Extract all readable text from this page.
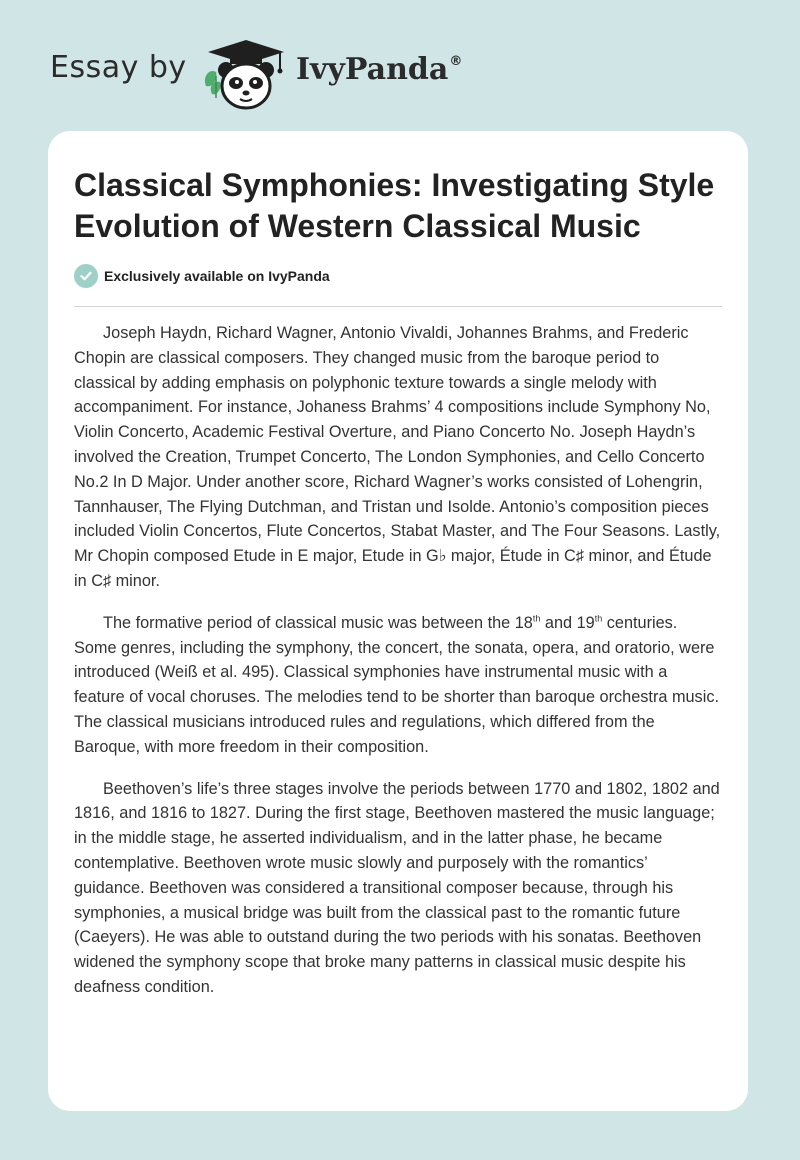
Essay by	IvyPanda®
Classical Symphonies: Investigating Style Evolution of Western Classical Music
Exclusively available on IvyPanda

Joseph Haydn, Richard Wagner, Antonio Vivaldi, Johannes Brahms, and Frederic Chopin are classical composers. They changed music from the baroque period to classical by adding emphasis on polyphonic texture towards a single melody with accompaniment. For instance, Johaness Brahms’ 4 compositions include Symphony No, Violin Concerto, Academic Festival Overture, and Piano Concerto No. Joseph Haydn’s involved the Creation, Trumpet Concerto, The London Symphonies, and Cello Concerto No.2 In D Major. Under another score, Richard Wagner’s works consisted of Lohengrin, Tannhauser, The Flying Dutchman, and Tristan und Isolde. Antonio’s composition pieces included Violin Concertos, Flute Concertos, Stabat Master, and The Four Seasons. Lastly, Mr Chopin composed Etude in E major, Etude in G♭ major, Étude in C♯ minor, and Étude in C♯ minor.

The formative period of classical music was between the 18th and 19th centuries. Some genres, including the symphony, the concert, the sonata, opera, and oratorio, were introduced (Weiß et al. 495). Classical symphonies have instrumental music with a feature of vocal choruses. The melodies tend to be shorter than baroque orchestra music. The classical musicians introduced rules and regulations, which differed from the Baroque, with more freedom in their composition.

Beethoven’s life’s three stages involve the periods between 1770 and 1802, 1802 and 1816, and 1816 to 1827. During the first stage, Beethoven mastered the music language; in the middle stage, he asserted individualism, and in the latter phase, he became contemplative. Beethoven wrote music slowly and purposely with the romantics’ guidance. Beethoven was considered a transitional composer because, through his symphonies, a musical bridge was built from the classical past to the romantic future (Caeyers). He was able to outstand during the two periods with his sonatas. Beethoven widened the symphony scope that broke many patterns in classical music despite his deafness condition.
